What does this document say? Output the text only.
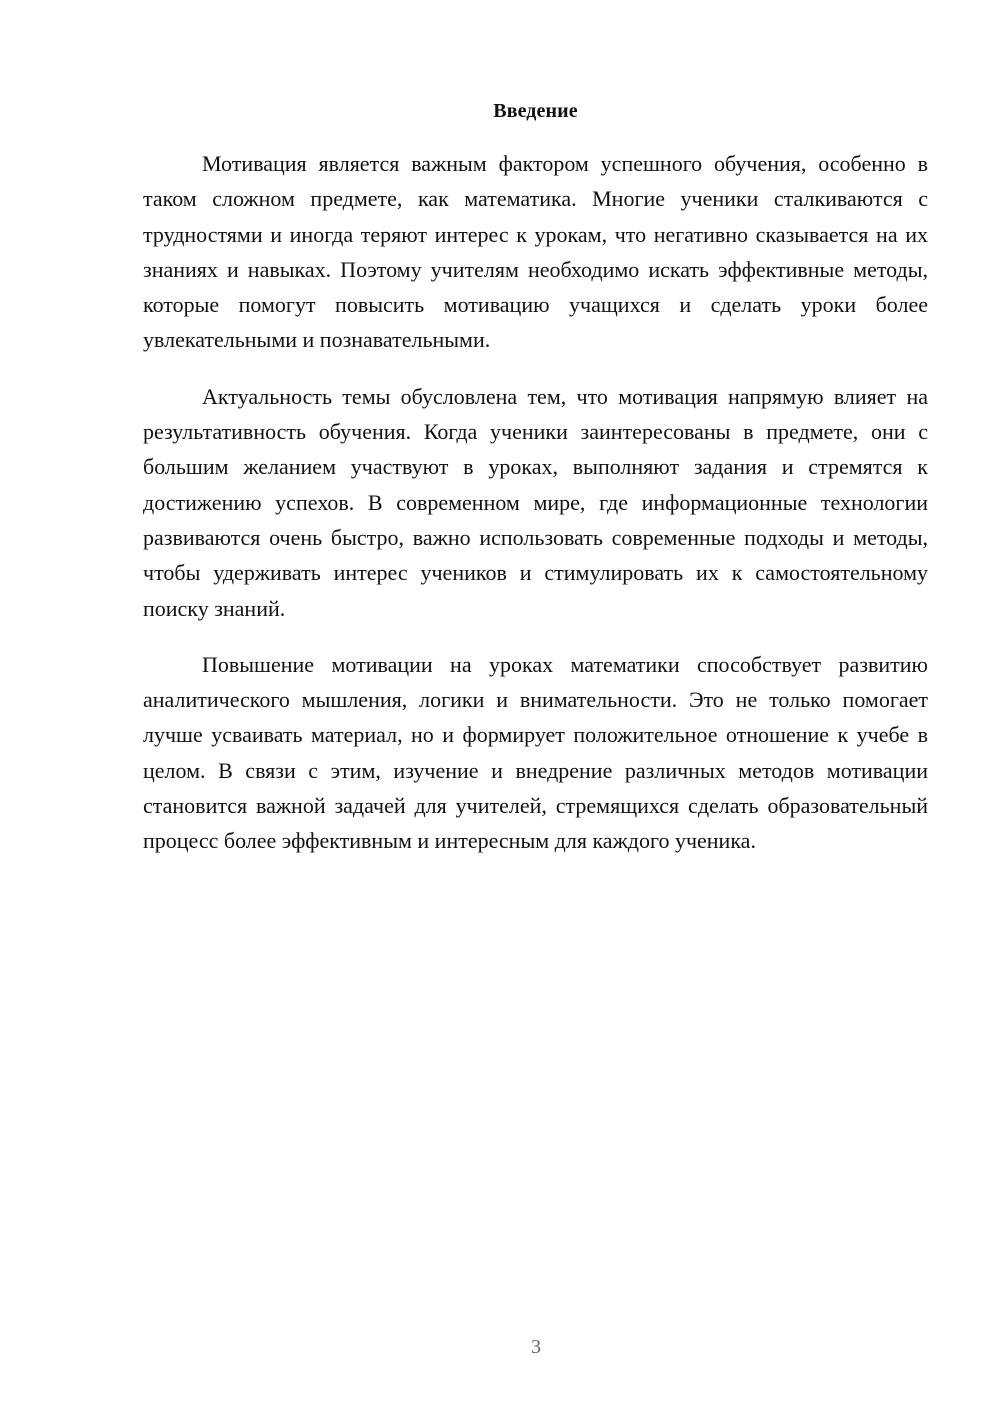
Введение

Мотивация является важным фактором успешного обучения, особенно в таком сложном предмете, как математика. Многие ученики сталкиваются с трудностями и иногда теряют интерес к урокам, что негативно сказывается на их знаниях и навыках. Поэтому учителям необходимо искать эффективные методы, которые помогут повысить мотивацию учащихся и сделать уроки более увлекательными и познавательными.

Актуальность темы обусловлена тем, что мотивация напрямую влияет на результативность обучения. Когда ученики заинтересованы в предмете, они с большим желанием участвуют в уроках, выполняют задания и стремятся к достижению успехов. В современном мире, где информационные технологии развиваются очень быстро, важно использовать современные подходы и методы, чтобы удерживать интерес учеников и стимулировать их к самостоятельному поиску знаний.

Повышение мотивации на уроках математики способствует развитию аналитического мышления, логики и внимательности. Это не только помогает лучше усваивать материал, но и формирует положительное отношение к учебе в целом. В связи с этим, изучение и внедрение различных методов мотивации становится важной задачей для учителей, стремящихся сделать образовательный процесс более эффективным и интересным для каждого ученика.

3
